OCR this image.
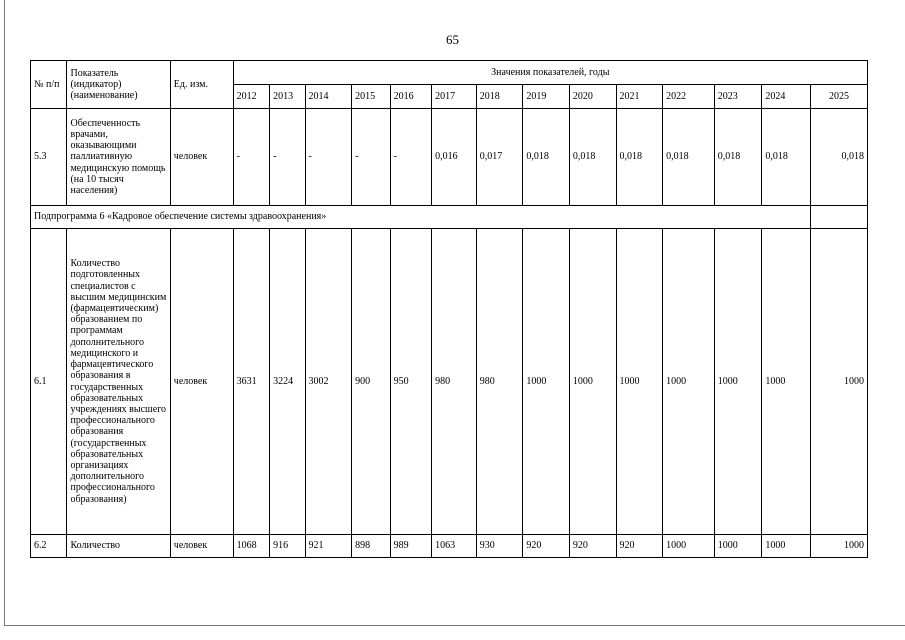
65
№ п/п	Показатель (индикатор) (наименование)	Ед. изм.	Значения показателей, годы													
			2012	2013	2014	2015	2016	2017	2018	2019	2020	2021	2022	2023	2024	2025
5.3	Обеспеченность врачами, оказывающими паллиативную медицинскую помощь (на 10 тысяч населения)	человек	-	-	-	-	-	0,016	0,017	0,018	0,018	0,018	0,018	0,018	0,018	0,018
Подпрограмма 6 «Кадровое обеспечение системы здравоохранения»																
6.1	Количество подготовленных специалистов с высшим медицинским (фармацевтическим) образованием по программам дополнительного медицинского и фармацевтического образования в государственных образовательных учреждениях высшего профессионального образования (государственных образовательных организациях дополнительного профессионального образования)	человек	3631	3224	3002	900	950	980	980	1000	1000	1000	1000	1000	1000	1000
6.2	Количество	человек	1068	916	921	898	989	1063	930	920	920	920	1000	1000	1000	1000
